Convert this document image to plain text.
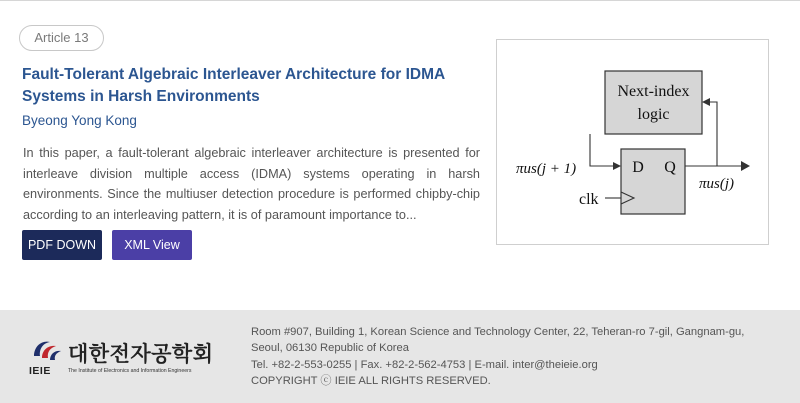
Article 13
Fault-Tolerant Algebraic Interleaver Architecture for IDMA
Systems in Harsh Environments
Byeong Yong Kong
In this paper, a fault-tolerant algebraic interleaver architecture is presented for interleave division multiple access (IDMA) systems operating in harsh environments. Since the multiuser detection procedure is performed chipby-chip according to an interleaving pattern, it is of paramount importance to...
PDF DOWN	XML View
Next-index
logic
D Q
clk
πus(j + 1)
πus(j)
대한전자공학회
IEIE	The Institute of Electronics and Information Engineers
Room #907, Building 1, Korean Science and Technology Center, 22, Teheran-ro 7-gil, Gangnam-gu,
Seoul, 06130 Republic of Korea
Tel. +82-2-553-0255 | Fax. +82-2-562-4753 | E-mail. inter@theieie.org
COPYRIGHT ⓒ IEIE ALL RIGHTS RESERVED.
